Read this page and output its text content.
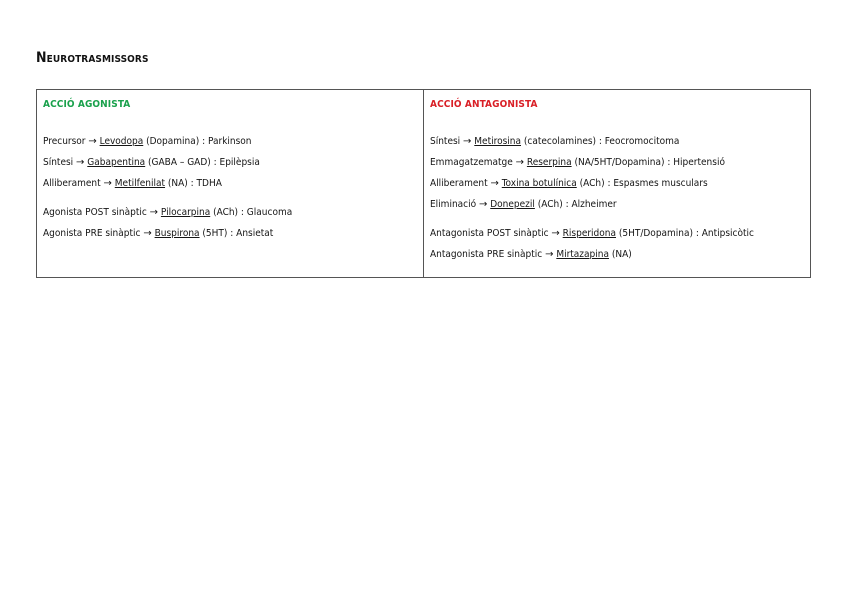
Neurotrasmissors
ACCIÓ AGONISTA
Precursor → Levodopa (Dopamina) : Parkinson
Síntesi → Gabapentina (GABA – GAD) : Epilèpsia
Alliberament → Metilfenilat (NA) : TDHA
Agonista POST sinàptic → Pilocarpina (ACh) : Glaucoma
Agonista PRE sinàptic → Buspirona (5HT) : Ansietat
ACCIÓ ANTAGONISTA
Síntesi → Metirosina (catecolamines) : Feocromocitoma
Emmagatzematge → Reserpina (NA/5HT/Dopamina) : Hipertensió
Alliberament → Toxina botulínica (ACh) : Espasmes musculars
Eliminació → Donepezil (ACh) : Alzheimer
Antagonista POST sinàptic → Risperidona (5HT/Dopamina) : Antipsicòtic
Antagonista PRE sinàptic → Mirtazapina (NA)
